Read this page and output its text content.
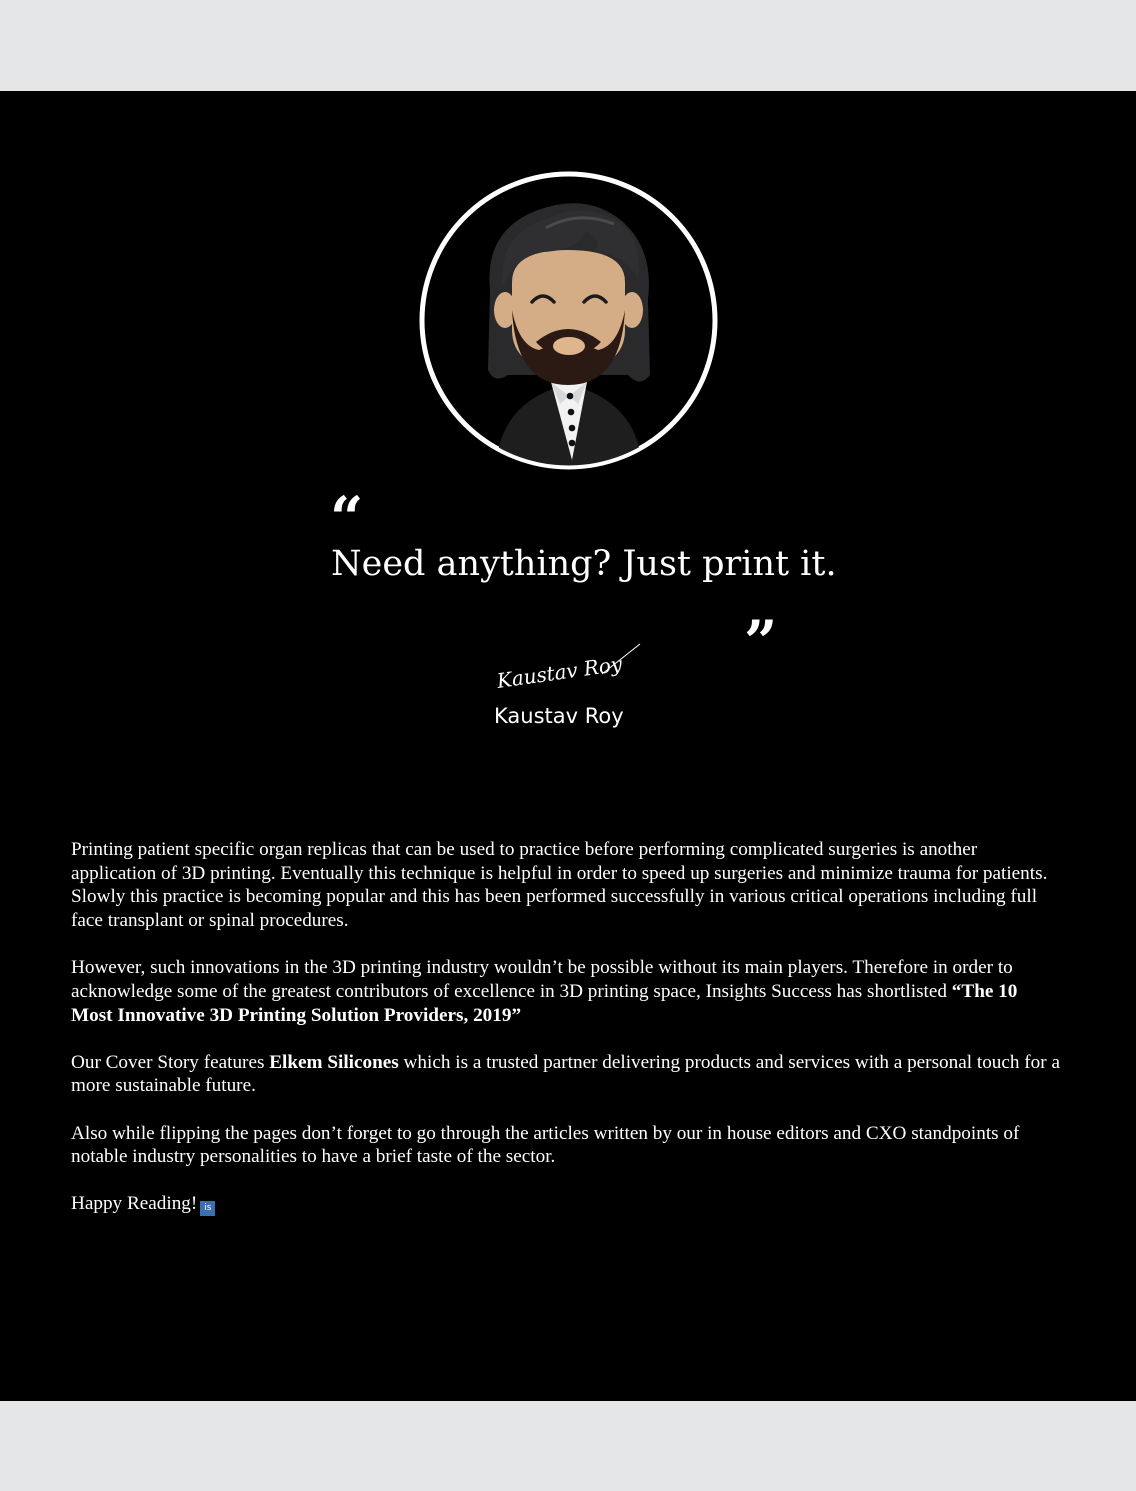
“
Need anything? Just print it.
”
Kaustav Roy
Kaustav Roy

Printing patient specific organ replicas that can be used to practice before performing complicated surgeries is another application of 3D printing. Eventually this technique is helpful in order to speed up surgeries and minimize trauma for patients. Slowly this practice is becoming popular and this has been performed successfully in various critical operations including full face transplant or spinal procedures.

However, such innovations in the 3D printing industry wouldn’t be possible without its main players. Therefore in order to acknowledge some of the greatest contributors of excellence in 3D printing space, Insights Success has shortlisted “The 10 Most Innovative 3D Printing Solution Providers, 2019”

Our Cover Story features Elkem Silicones which is a trusted partner delivering products and services with a personal touch for a more sustainable future.

Also while flipping the pages don’t forget to go through the articles written by our in house editors and CXO standpoints of notable industry personalities to have a brief taste of the sector.

Happy Reading! is
